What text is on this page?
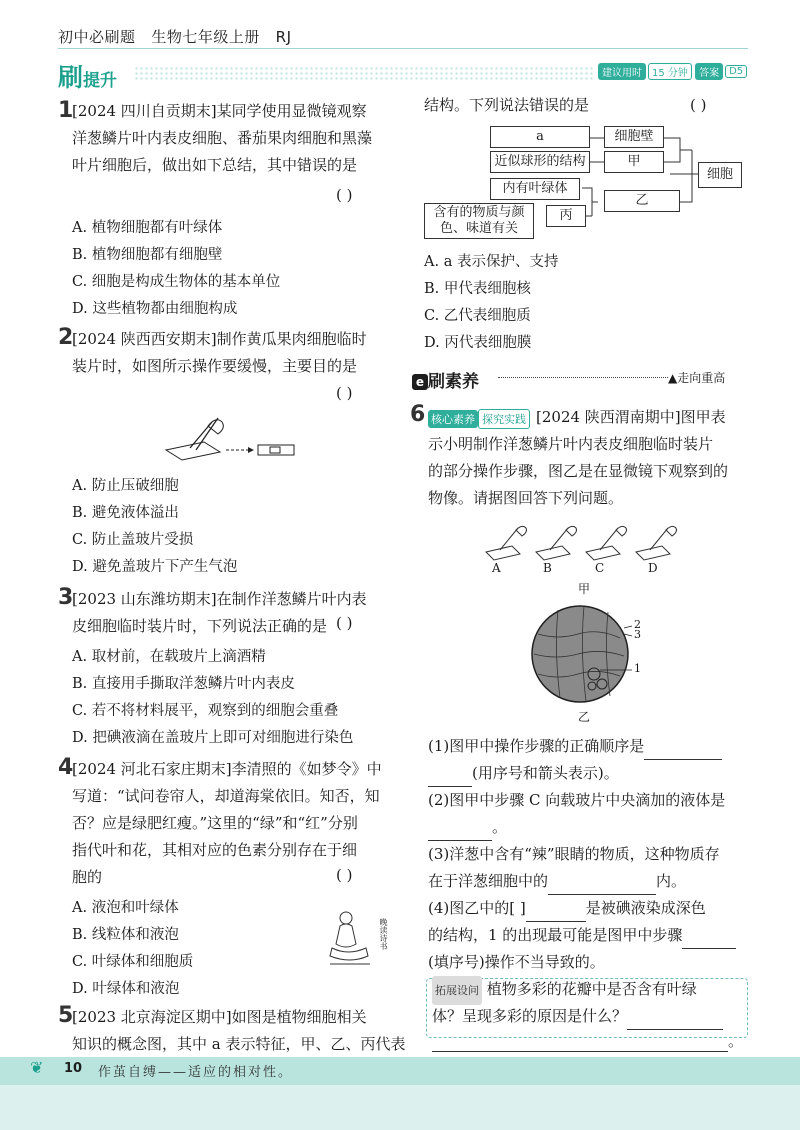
初中必刷题 生物七年级上册 RJ
刷提升	建议用时	15 分钟
	答案	D5
1
[2024 四川自贡期末]某同学使用显微镜观察
洋葱鳞片叶内表皮细胞、番茄果肉细胞和黑藻
叶片细胞后，做出如下总结，其中错误的是
( )
A. 植物细胞都有叶绿体
B. 植物细胞都有细胞壁
C. 细胞是构成生物体的基本单位
D. 这些植物都由细胞构成
2
[2024 陕西西安期末]制作黄瓜果肉细胞临时
装片时，如图所示操作要缓慢，主要目的是
( )
A. 防止压破细胞
B. 避免液体溢出
C. 防止盖玻片受损
D. 避免盖玻片下产生气泡
3
[2023 山东潍坊期末]在制作洋葱鳞片叶内表
皮细胞临时装片时，下列说法正确的是 ( )
A. 取材前，在载玻片上滴酒精
B. 直接用手撕取洋葱鳞片叶内表皮
C. 若不将材料展平，观察到的细胞会重叠
D. 把碘液滴在盖玻片上即可对细胞进行染色
4
[2024 河北石家庄期末]李清照的《如梦令》中
写道：“试问卷帘人，却道海棠依旧。知否，知
否？应是绿肥红瘦。”这里的“绿”和“红”分别
指代叶和花，其相对应的色素分别存在于细
胞的	( )
A. 液泡和叶绿体
B. 线粒体和液泡
C. 叶绿体和细胞质
D. 叶绿体和液泡
晚读诗书
5
[2023 北京海淀区期中]如图是植物细胞相关
知识的概念图，其中 a 表示特征，甲、乙、丙代表
结构。下列说法错误的是	( )
a	细胞壁
近似球形的结构	甲
细胞
内有叶绿体
乙
含有的物质与颜
色、味道有关
丙
A. a 表示保护、支持
B. 甲代表细胞核
C. 乙代表细胞质
D. 丙代表细胞膜
e 刷素养	▲走向重高
6 核心素养 探究实践 [2024 陕西渭南期中]图甲表
示小明制作洋葱鳞片叶内表皮细胞临时装片
的部分操作步骤，图乙是在显微镜下观察到的
物像。请据图回答下列问题。
A	B	C	D
甲
2
3
1
乙
(1)图甲中操作步骤的正确顺序是
(用序号和箭头表示)。
(2)图甲中步骤 C 向载玻片中央滴加的液体是
。
(3)洋葱中含有“辣”眼睛的物质，这种物质存
在于洋葱细胞中的	内。
(4)图乙中的[ ]	是被碘液染成深色
的结构，1 的出现最可能是图甲中步骤
(填序号)操作不当导致的。
拓展设问 植物多彩的花瓣中是否含有叶绿
体？呈现多彩的原因是什么？
。
❦ 10 作茧自缚——适应的相对性。
